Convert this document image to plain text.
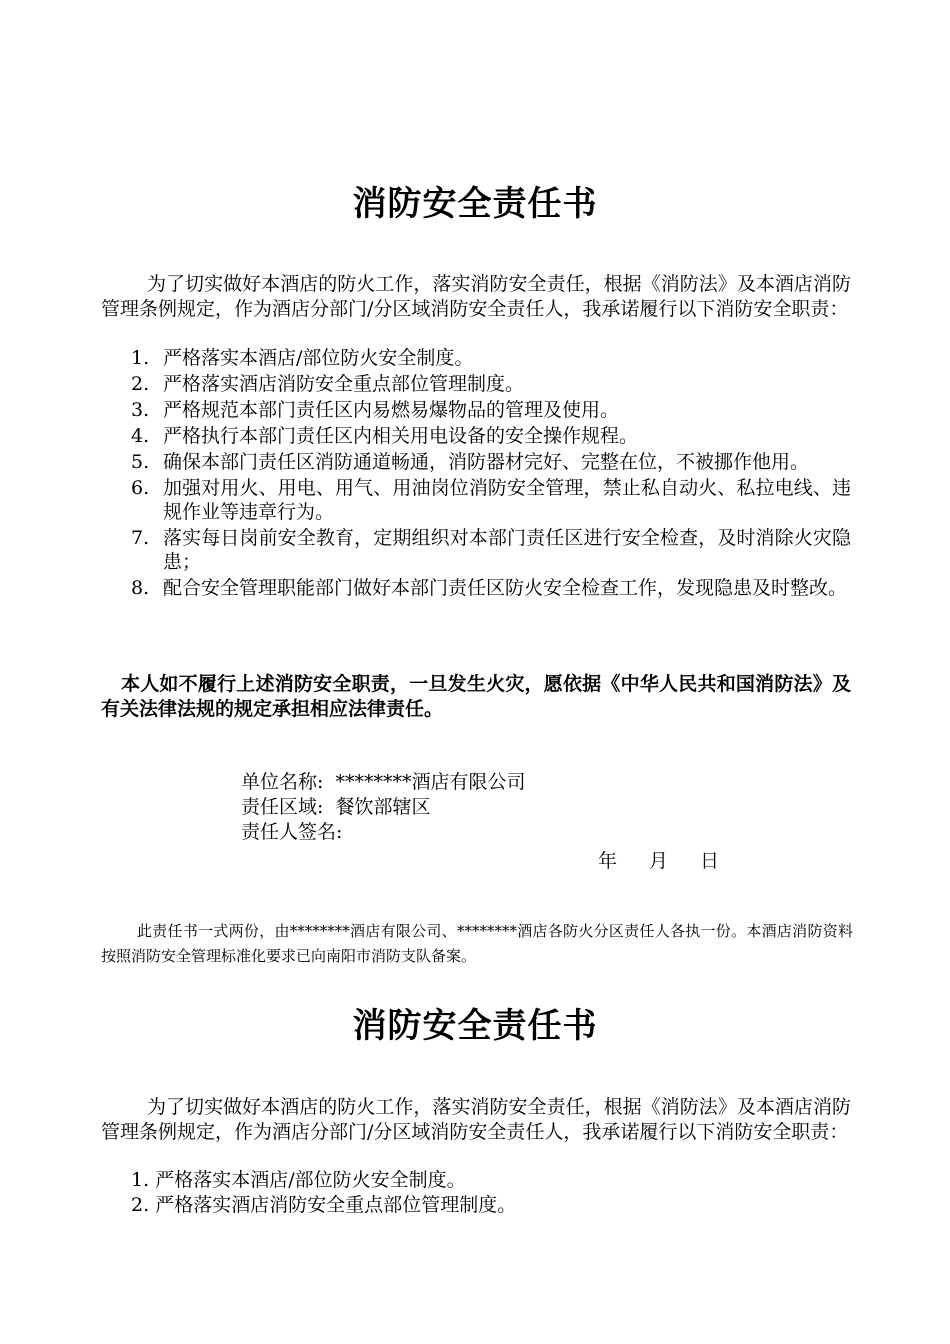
消防安全责任书
为了切实做好本酒店的防火工作，落实消防安全责任，根据《消防法》及本酒店消防管理条例规定，作为酒店分部门/分区域消防安全责任人，我承诺履行以下消防安全职责：
1. 严格落实本酒店/部位防火安全制度。
2. 严格落实酒店消防安全重点部位管理制度。
3. 严格规范本部门责任区内易燃易爆物品的管理及使用。
4. 严格执行本部门责任区内相关用电设备的安全操作规程。
5. 确保本部门责任区消防通道畅通，消防器材完好、完整在位，不被挪作他用。
6. 加强对用火、用电、用气、用油岗位消防安全管理，禁止私自动火、私拉电线、违规作业等违章行为。
7. 落实每日岗前安全教育，定期组织对本部门责任区进行安全检查，及时消除火灾隐患；
8. 配合安全管理职能部门做好本部门责任区防火安全检查工作，发现隐患及时整改。
本人如不履行上述消防安全职责，一旦发生火灾，愿依据《中华人民共和国消防法》及有关法律法规的规定承担相应法律责任。
单位名称: ********酒店有限公司
责任区域: 餐饮部辖区
责任人签名:
年 月 日
此责任书一式两份，由********酒店有限公司、********酒店各防火分区责任人各执一份。本酒店消防资料按照消防安全管理标准化要求已向南阳市消防支队备案。
消防安全责任书
为了切实做好本酒店的防火工作，落实消防安全责任，根据《消防法》及本酒店消防管理条例规定，作为酒店分部门/分区域消防安全责任人，我承诺履行以下消防安全职责：
1. 严格落实本酒店/部位防火安全制度。
2. 严格落实酒店消防安全重点部位管理制度。
